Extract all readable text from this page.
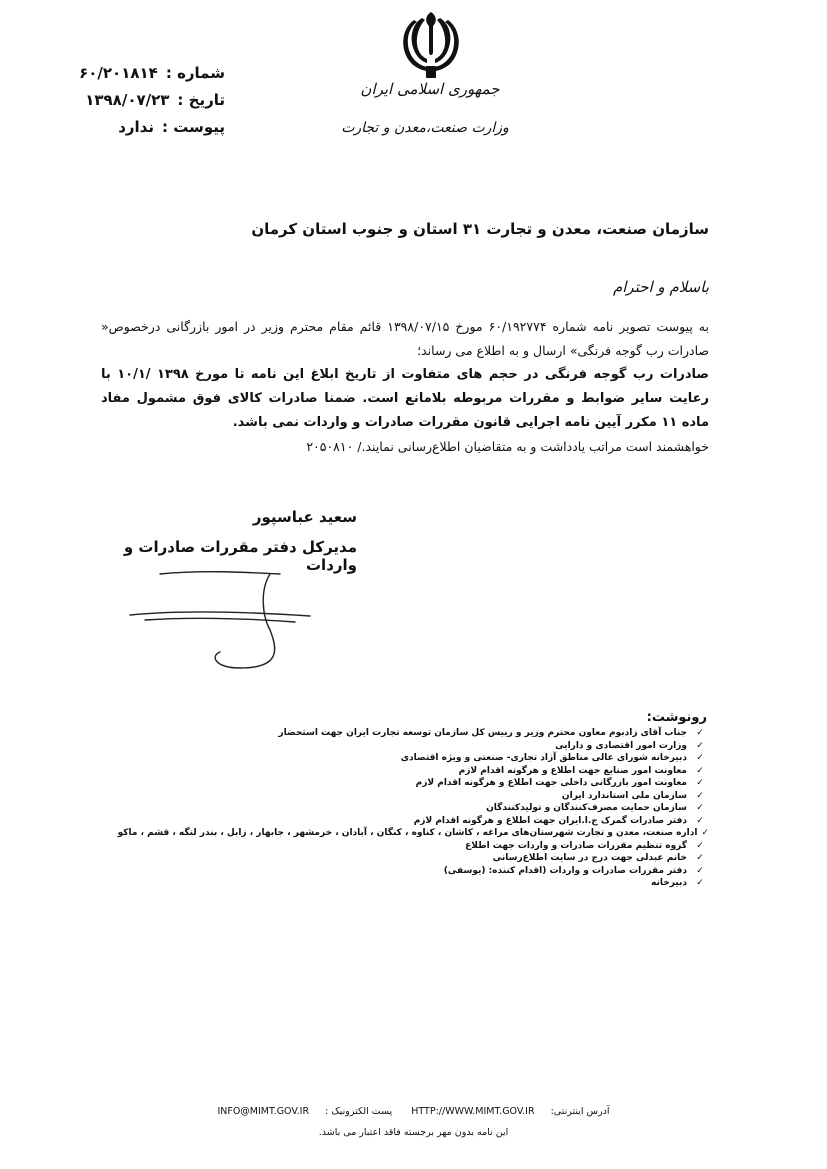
شماره :
۶۰/۲۰۱۸۱۴
تاریخ :
۱۳۹۸/۰۷/۲۳
پیوست :
ندارد
جمهوری اسلامی ایران
وزارت صنعت،معدن و تجارت
سازمان صنعت، معدن و تجارت ۳۱ استان و جنوب استان کرمان
باسلام و احترام

به پیوست تصویر نامه شماره ۶۰/۱۹۲۷۷۴ مورخ ۱۳۹۸/۰۷/۱۵ قائم مقام محترم وزیر در امور بازرگانی درخصوص« صادرات رب گوجه فرنگی» ارسال و به اطلاع می رساند؛

صادرات رب گوجه فرنگی در حجم های متفاوت از تاریخ ابلاغ این نامه تا مورخ ۱۳۹۸ /۱۰/۱ با رعایت سایر ضوابط و مقررات مربوطه بلامانع است. ضمنا صادرات کالای فوق مشمول مفاد ماده ۱۱ مکرر آیین نامه اجرایی قانون مقررات صادرات و واردات نمی باشد.

خواهشمند است مراتب یادداشت و به متقاضیان اطلاع‌رسانی نمایند./ ۲۰۵۰۸۱۰

سعید عباسپور
مدیرکل دفتر مقررات صادرات و واردات
رونوشت:
✓
جناب آقای زادبوم معاون محترم وزیر و رییس کل سازمان توسعه تجارت ایران جهت استحضار
✓
وزارت امور اقتصادی و دارایی
✓
دبیرخانه شورای عالی مناطق آزاد تجاری- صنعتی و ویژه اقتصادی
✓
معاونت امور صنایع جهت اطلاع و هرگونه اقدام لازم
✓
معاونت امور بازرگانی داخلی جهت اطلاع و هرگونه اقدام لازم
✓
سازمان ملی استاندارد ایران
✓
سازمان حمایت مصرف‌کنندگان و تولیدکنندگان
✓
دفتر صادرات گمرک ج.ا.ایران جهت اطلاع و هرگونه اقدام لازم
✓
اداره صنعت، معدن و تجارت شهرستان‌های مراغه ، کاشان ، کناوه ، کنگان ، آبادان ، خرمشهر ، جابهار ، زابل ، بندر لنگه ، قشم ، ماکو
✓
گروه تنظیم مقررات صادرات و واردات جهت اطلاع
✓
خانم عبدلی جهت درج در سایت اطلاع‌رسانی
✓
دفتر مقررات صادرات و واردات (اقدام کننده: (یوسفی)
✓
دبیرخانه
INFO@MIMT.GOV.IR پست الکترونیک : HTTP://WWW.MIMT.GOV.IR آدرس اینترنتی:
این نامه بدون مهر برجسته فاقد اعتبار می باشد.
